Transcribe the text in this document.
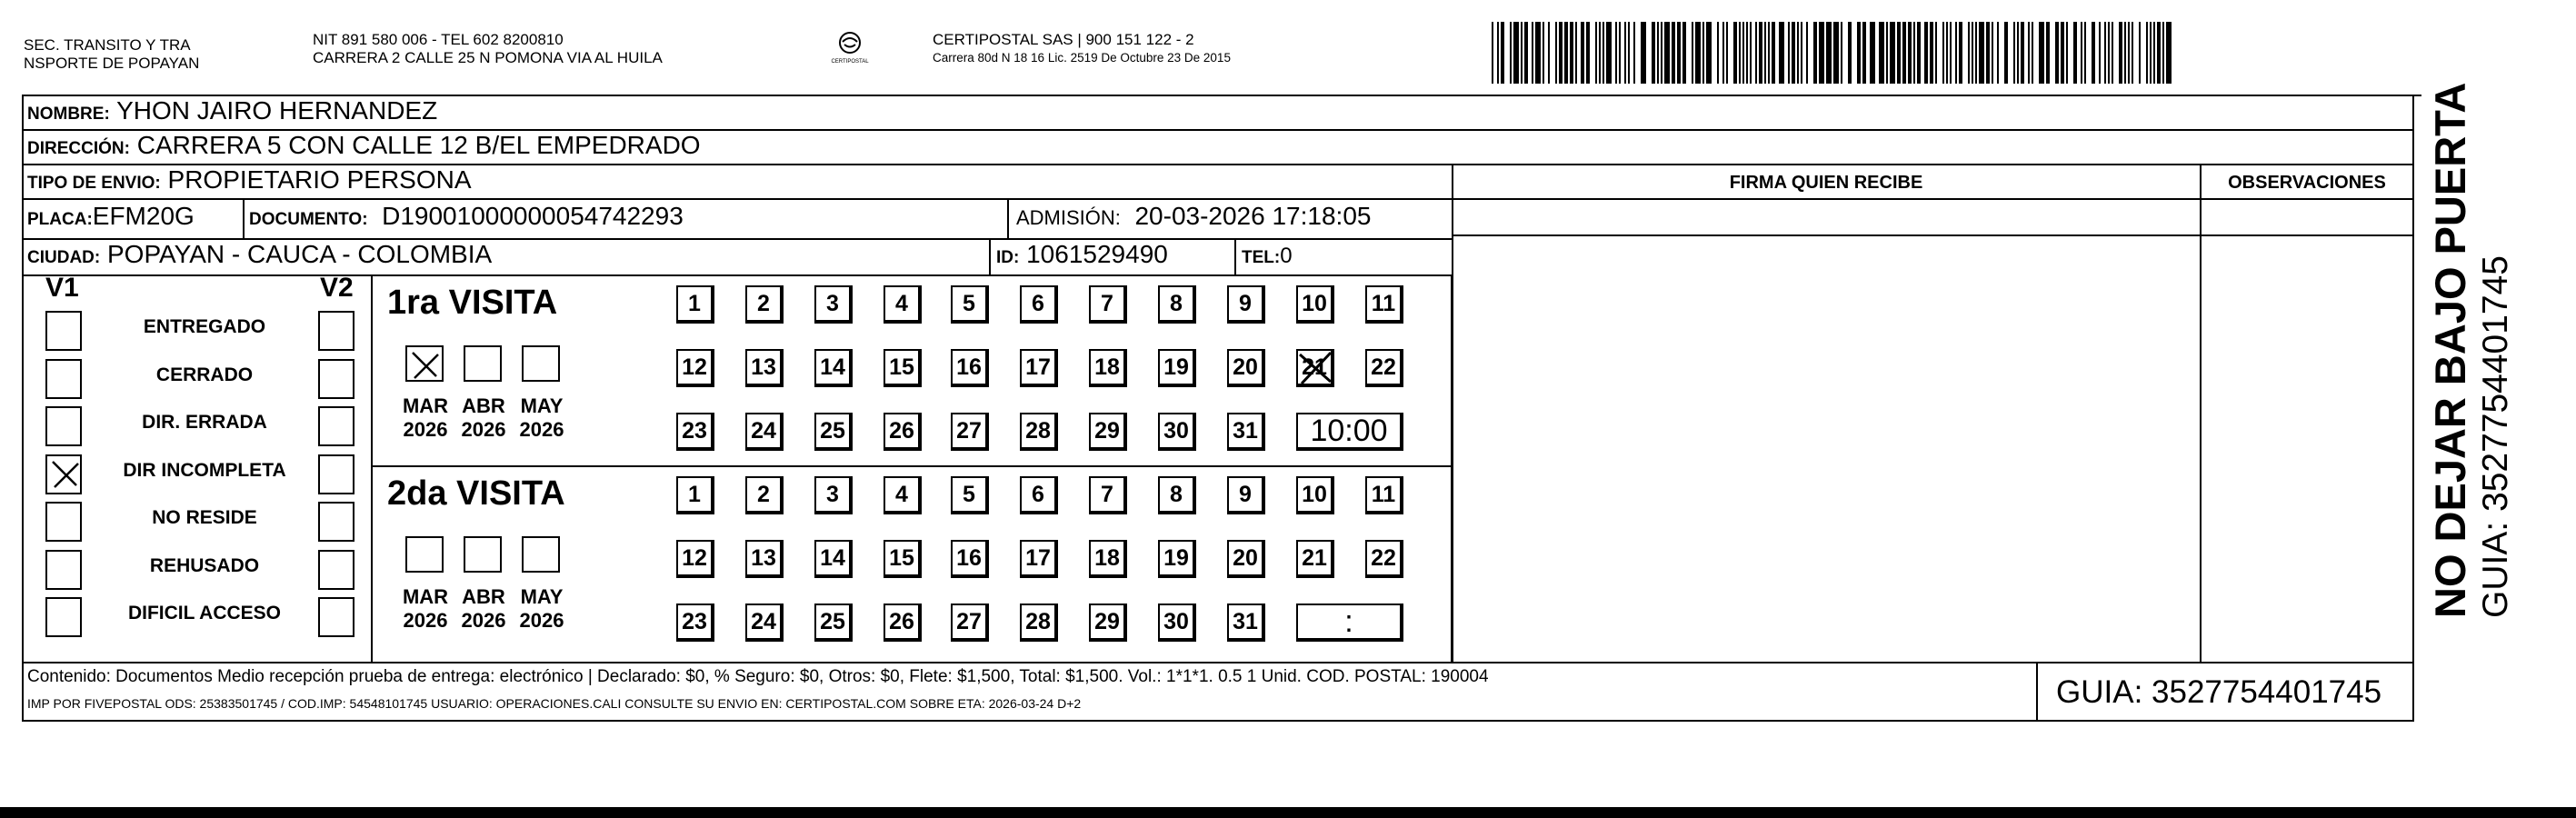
SEC. TRANSITO Y TRA
NSPORTE DE POPAYAN
NIT 891 580 006 - TEL 602 8200810
CARRERA 2 CALLE 25 N POMONA VIA AL HUILA	CERTIPOSTAL
CERTIPOSTAL SAS | 900 151 122 - 2
Carrera 80d N 18 16 Lic. 2519 De Octubre 23 De 2015
NOMBRE: YHON JAIRO HERNANDEZ
DIRECCIÓN: CARRERA 5 CON CALLE 12 B/EL EMPEDRADO
TIPO DE ENVIO: PROPIETARIO PERSONA
PLACA:EFM20G	DOCUMENTO: D19001000000054742293	ADMISIÓN: 20-03-2026 17:18:05
CIUDAD: POPAYAN - CAUCA - COLOMBIA	ID: 1061529490	TEL:0
FIRMA QUIEN RECIBE	OBSERVACIONES
V1	V2
ENTREGADO
CERRADO
DIR. ERRADA
DIR INCOMPLETA
NO RESIDE
REHUSADO
DIFICIL ACCESO
1ra VISITA
2da VISITA
MAR
2026
ABR
2026
MAY
2026
1	2	3	4	5	6	7	8	9	10	11
12	13	14	15	16	17	18	19	20	21	22
23	24	25	26	27	28	29	30	31	10:00
MAR
2026
ABR
2026
MAY
2026
1	2	3	4	5	6	7	8	9	10	11
12	13	14	15	16	17	18	19	20	21	22
23	24	25	26	27	28	29	30	31	:
Contenido: Documentos Medio recepción prueba de entrega: electrónico | Declarado: $0, % Seguro: $0, Otros: $0, Flete: $1,500, Total: $1,500. Vol.: 1*1*1. 0.5 1 Unid. COD. POSTAL: 190004
IMP POR FIVEPOSTAL ODS: 25383501745 / COD.IMP: 54548101745 USUARIO: OPERACIONES.CALI CONSULTE SU ENVIO EN: CERTIPOSTAL.COM SOBRE ETA: 2026-03-24 D+2	GUIA: 3527754401745
NO DEJAR BAJO PUERTA GUIA: 3527754401745
